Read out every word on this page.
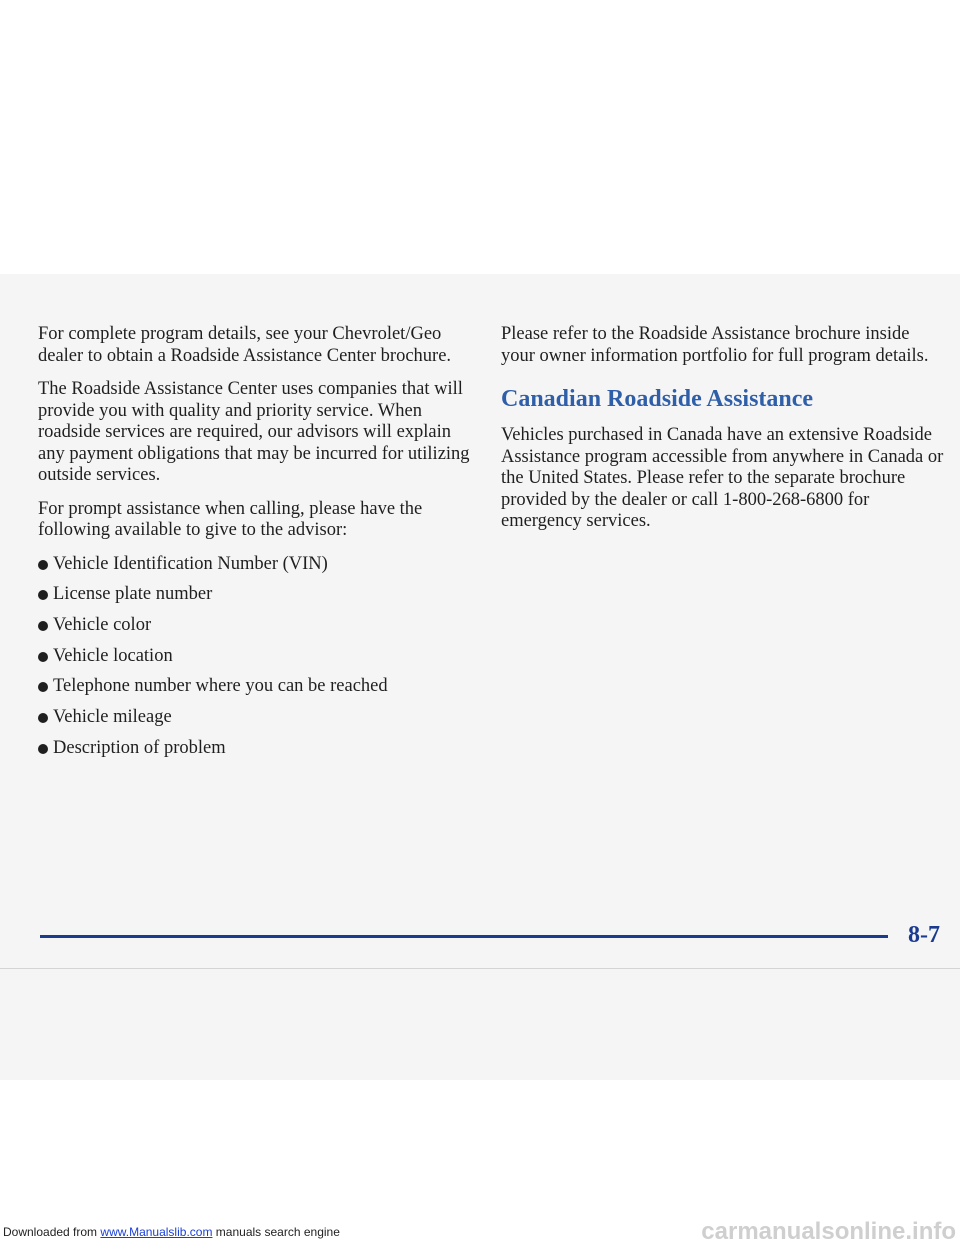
For complete program details, see your Chevrolet/Geo dealer to obtain a Roadside Assistance Center brochure.

The Roadside Assistance Center uses companies that will provide you with quality and priority service. When roadside services are required, our advisors will explain any payment obligations that may be incurred for utilizing outside services.

For prompt assistance when calling, please have the following available to give to the advisor:

Vehicle Identification Number (VIN)
License plate number
Vehicle color
Vehicle location
Telephone number where you can be reached
Vehicle mileage
Description of problem

Please refer to the Roadside Assistance brochure inside your owner information portfolio for full program details.

Canadian Roadside Assistance

Vehicles purchased in Canada have an extensive Roadside Assistance program accessible from anywhere in Canada or the United States. Please refer to the separate brochure provided by the dealer or call 1-800-268-6800 for emergency services.

8-7
Downloaded from www.Manualslib.com manuals search engine	carmanualsonline.info
